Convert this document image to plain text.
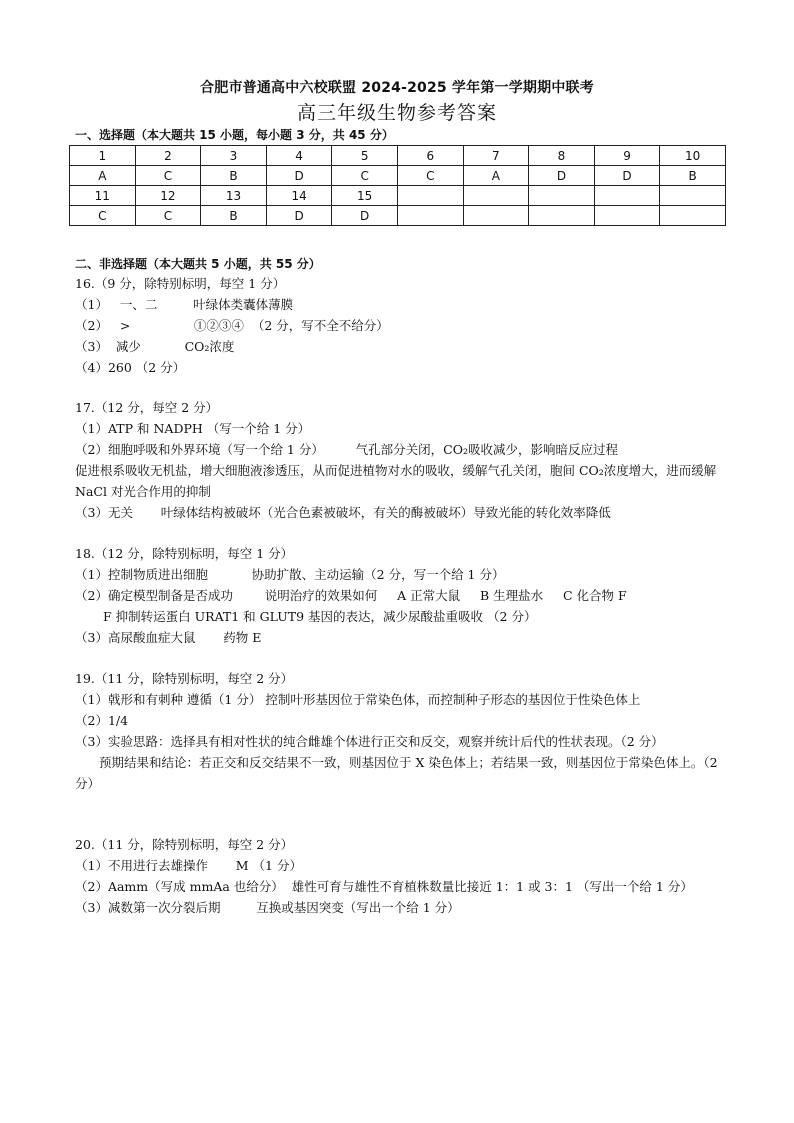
合肥市普通高中六校联盟 2024-2025 学年第一学期期中联考
高三年级生物参考答案
一、选择题（本大题共 15 小题，每小题 3 分，共 45 分）
1	2	3	4	5	6	7	8	9	10
A	C	B	D	C	C	A	D	D	B
11	12	13	14	15					
C	C	B	D	D					
二、非选择题（本大题共 5 小题，共 55 分）
16.（9 分，除特别标明，每空 1 分）
（1）   一、二         叶绿体类囊体薄膜
（2）   >                ①②③④  （2 分，写不全不给分）
（3）  减少           CO₂浓度
（4）260 （2 分）
17.（12 分，每空 2 分）
（1）ATP 和 NADPH （写一个给 1 分）
（2）细胞呼吸和外界环境（写一个给 1 分）        气孔部分关闭，CO₂吸收减少，影响暗反应过程
促进根系吸收无机盐，增大细胞液渗透压，从而促进植物对水的吸收，缓解气孔关闭，胞间 CO₂浓度增大，进而缓解 NaCl 对光合作用的抑制
（3）无关       叶绿体结构被破坏（光合色素被破坏，有关的酶被破坏）导致光能的转化效率降低
18.（12 分，除特别标明，每空 1 分）
（1）控制物质进出细胞           协助扩散、主动运输（2 分，写一个给 1 分）
（2）确定模型制备是否成功        说明治疗的效果如何     A 正常大鼠     B 生理盐水     C 化合物 F
F 抑制转运蛋白 URAT1 和 GLUT9 基因的表达，减少尿酸盐重吸收 （2 分）
（3）高尿酸血症大鼠       药物 E
19.（11 分，除特别标明，每空 2 分）
（1）戟形和有刺种 遵循（1 分） 控制叶形基因位于常染色体，而控制种子形态的基因位于性染色体上
（2）1/4
（3）实验思路：选择具有相对性状的纯合雌雄个体进行正交和反交，观察并统计后代的性状表现。（2 分）
预期结果和结论：若正交和反交结果不一致，则基因位于 X 染色体上；若结果一致，则基因位于常染色体上。（2 分）
20.（11 分，除特别标明，每空 2 分）
（1）不用进行去雄操作       M （1 分）
（2）Aamm（写成 mmAa 也给分）  雄性可育与雄性不育植株数量比接近 1：1 或 3：1 （写出一个给 1 分）
（3）减数第一次分裂后期         互换或基因突变（写出一个给 1 分）
